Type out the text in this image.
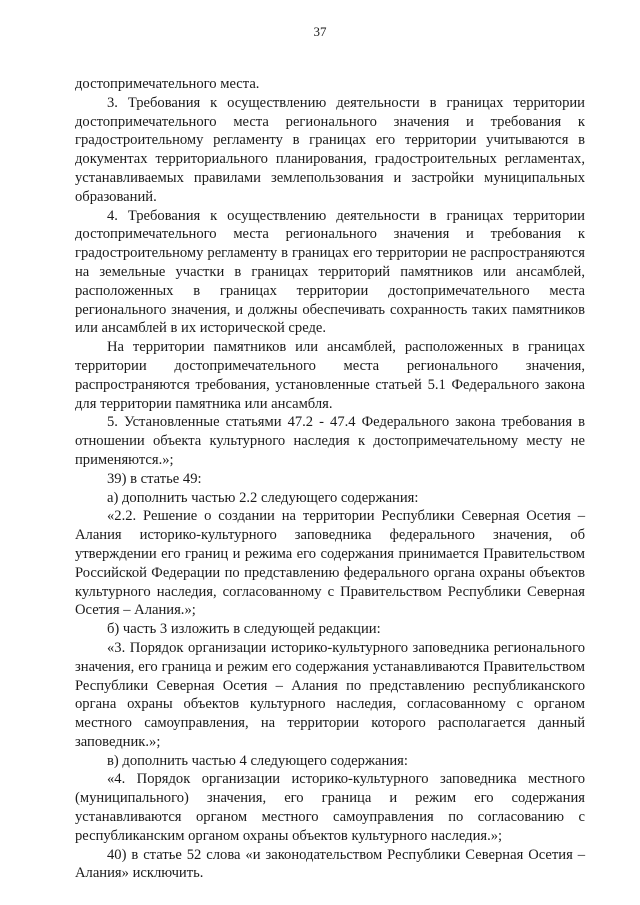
37

достопримечательного места.

3. Требования к осуществлению деятельности в границах территории достопримечательного места регионального значения и требования к градостроительному регламенту в границах его территории учитываются в документах территориального планирования, градостроительных регламентах, устанавливаемых правилами землепользования и застройки муниципальных образований.

4. Требования к осуществлению деятельности в границах территории достопримечательного места регионального значения и требования к градостроительному регламенту в границах его территории не распространяются на земельные участки в границах территорий памятников или ансамблей, расположенных в границах территории достопримечательного места регионального значения, и должны обеспечивать сохранность таких памятников или ансамблей в их исторической среде.

На территории памятников или ансамблей, расположенных в границах территории достопримечательного места регионального значения, распространяются требования, установленные статьей 5.1 Федерального закона для территории памятника или ансамбля.

5. Установленные статьями 47.2 - 47.4 Федерального закона требования в отношении объекта культурного наследия к достопримечательному месту не применяются.»;

39) в статье 49:

а) дополнить частью 2.2 следующего содержания:

«2.2. Решение о создании на территории Республики Северная Осетия – Алания историко-культурного заповедника федерального значения, об утверждении его границ и режима его содержания принимается Правительством Российской Федерации по представлению федерального органа охраны объектов культурного наследия, согласованному с Правительством Республики Северная Осетия – Алания.»;

б) часть 3 изложить в следующей редакции:

«3. Порядок организации историко-культурного заповедника регионального значения, его граница и режим его содержания устанавливаются Правительством Республики Северная Осетия – Алания по представлению республиканского органа охраны объектов культурного наследия, согласованному с органом местного самоуправления, на территории которого располагается данный заповедник.»;

в) дополнить частью 4 следующего содержания:

«4. Порядок организации историко-культурного заповедника местного (муниципального) значения, его граница и режим его содержания устанавливаются органом местного самоуправления по согласованию с республиканским органом охраны объектов культурного наследия.»;

40) в статье 52 слова «и законодательством Республики Северная Осетия – Алания» исключить.
